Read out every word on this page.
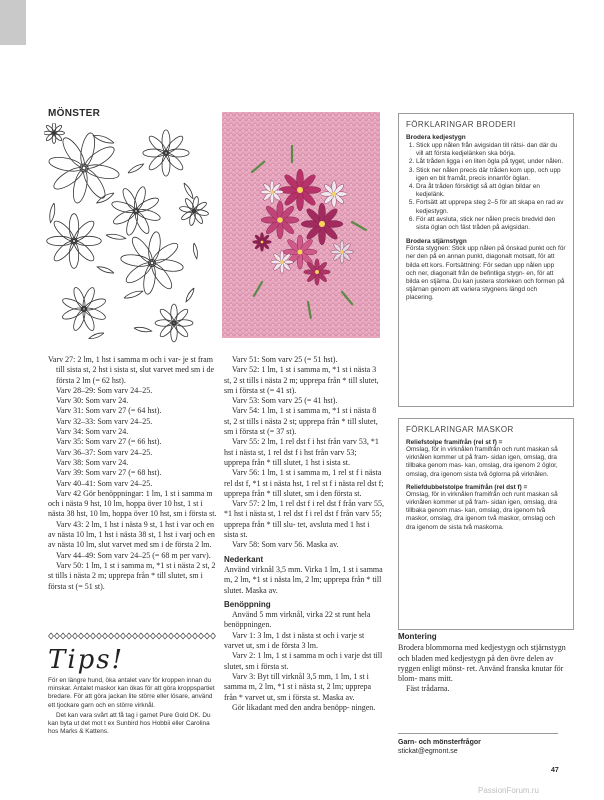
MÖNSTER

Varv 27: 2 lm, 1 hst i samma m och i var- je st fram till sista st, 2 hst i sista st, slut varvet med sm i de första 2 lm (= 62 hst).

Varv 28–29: Som varv 24–25.

Varv 30: Som varv 24.

Varv 31: Som varv 27 (= 64 hst).

Varv 32–33: Som varv 24–25.

Varv 34: Som varv 24.

Varv 35: Som varv 27 (= 66 hst).

Varv 36–37: Som varv 24–25.

Varv 38: Som varv 24.

Varv 39: Som varv 27 (= 68 hst).

Varv 40–41: Som varv 24–25.

Varv 42 Gör benöppningar: 1 lm, 1 st i samma m och i nästa 9 hst, 10 lm, hoppa över 10 hst, 1 st i nästa 38 hst, 10 lm, hoppa över 10 hst, sm i första st.

Varv 43: 2 lm, 1 hst i nästa 9 st, 1 hst i var och en av nästa 10 lm, 1 hst i nästa 38 st, 1 hst i varj och en av nästa 10 lm, slut varvet med sm i de första 2 lm.

Varv 44–49: Som varv 24–25 (= 68 m per varv).

Varv 50: 1 lm, 1 st i samma m, *1 st i nästa 2 st, 2 st tills i nästa 2 m; upprepa från * till slutet, sm i första st (= 51 st).

Varv 51: Som varv 25 (= 51 hst).

Varv 52: 1 lm, 1 st i samma m, *1 st i nästa 3 st, 2 st tills i nästa 2 m; upprepa från * till slutet, sm i första st (= 41 st).

Varv 53: Som varv 25 (= 41 hst).

Varv 54: 1 lm, 1 st i samma m, *1 st i nästa 8 st, 2 st tills i nästa 2 st; upprepa från * till slutet, sm i första st (= 37 st).

Varv 55: 2 lm, 1 rel dst f i hst från varv 53, *1 hst i nästa st, 1 rel dst f i hst från varv 53; upprepa från * till slutet, 1 hst i sista st.

Varv 56: 1 lm, 1 st i samma m, 1 rel st f i nästa rel dst f, *1 st i nästa hst, 1 rel st f i nästa rel dst f; upprepa från * till slutet, sm i den första st.

Varv 57: 2 lm, 1 rel dst f i rel dst f från varv 55, *1 hst i nästa st, 1 rel dst f i rel dst f från varv 55; upprepa från * till slu- tet, avsluta med 1 hst i sista st.

Varv 58: Som varv 56. Maska av.

Nederkant

Använd virknål 3,5 mm. Virka 1 lm, 1 st i samma m, 2 lm, *1 st i nästa lm, 2 lm; upprepa från * till slutet. Maska av.

Benöppning

Använd 5 mm virknål, virka 22 st runt hela benöppningen.

Varv 1: 3 lm, 1 dst i nästa st och i varje st varvet ut, sm i de första 3 lm.

Varv 2: 1 lm, 1 st i samma m och i varje dst till slutet, sm i första st.

Varv 3: Byt till virknål 3,5 mm, 1 lm, 1 st i samma m, 2 lm, *1 st i nästa st, 2 lm; upprepa från * varvet ut, sm i första st. Maska av.

Gör likadant med den andra benöpp- ningen.

FÖRKLARINGAR BRODERI
Brodera kedjestygn
1. Stick upp nålen från avigsidan till rätsi- dan där du vill att första kedjelänken ska börja.
2. Låt tråden ligga i en liten ögla på tyget, under nålen.
3. Stick ner nålen precis där tråden kom upp, och upp igen en bit framåt, precis innanför öglan.
4. Dra åt tråden försiktigt så att öglan bildar en kedjelänk.
5. Fortsätt att upprepa steg 2–5 för att skapa en rad av kedjestygn.
6. För att avsluta, stick ner nålen precis bredvid den sista öglan och fäst tråden på avigsidan.
Brodera stjärnstygn
Första stygnen: Stick upp nålen på önskad punkt och för ner den på en annan punkt, diagonalt motsatt, för att bilda ett kors. Fortsättning: För sedan upp nålen upp och ner, diagonalt från de befintliga stygn- en, för att bilda en stjärna. Du kan justera storleken och formen på stjärnan genom att variera stygnens längd och placering.
FÖRKLARINGAR MASKOR
Reliefstolpe framifrån (rel st f) =
Omslag, för in virknålen framifrån och runt maskan så virknålen kommer ut på fram- sidan igen, omslag, dra tillbaka genom mas- kan, omslag, dra igenom 2 öglor, omslag, dra igenom sista två öglorna på virknålen.
Reliefdubbelstolpe framifrån (rel dst f) =
Omslag, för in virknålen framifrån och runt maskan så virknålen kommer ut på fram- sidan igen, omslag, dra tillbaka genom mas- kan, omslag, dra igenom två maskor, omslag, dra igenom två maskor, omslag och dra igenom de sista två maskorna.
Montering
Brodera blommorna med kedjestygn och stjärnstygn och bladen med kedjestygn på den övre delen av ryggen enligt mönst- ret. Använd franska knutar för blom- mans mitt.
Fäst trådarna.
Garn- och mönsterfrågor
stickat@egmont.se
Tips!

För en längre hund, öka antalet varv för kroppen innan du minskar. Antalet maskor kan ökas för att göra kroppspartiet bredare. För att göra jackan lite större eller lösare, använd ett tjockare garn och en större virknål.

Det kan vara svårt att få tag i garnet Pure Gold DK. Du kan byta ut det mot t ex Sunbird hos Hobbii eller Carolina hos Marks & Kattens.

47
PassionForum.ru
